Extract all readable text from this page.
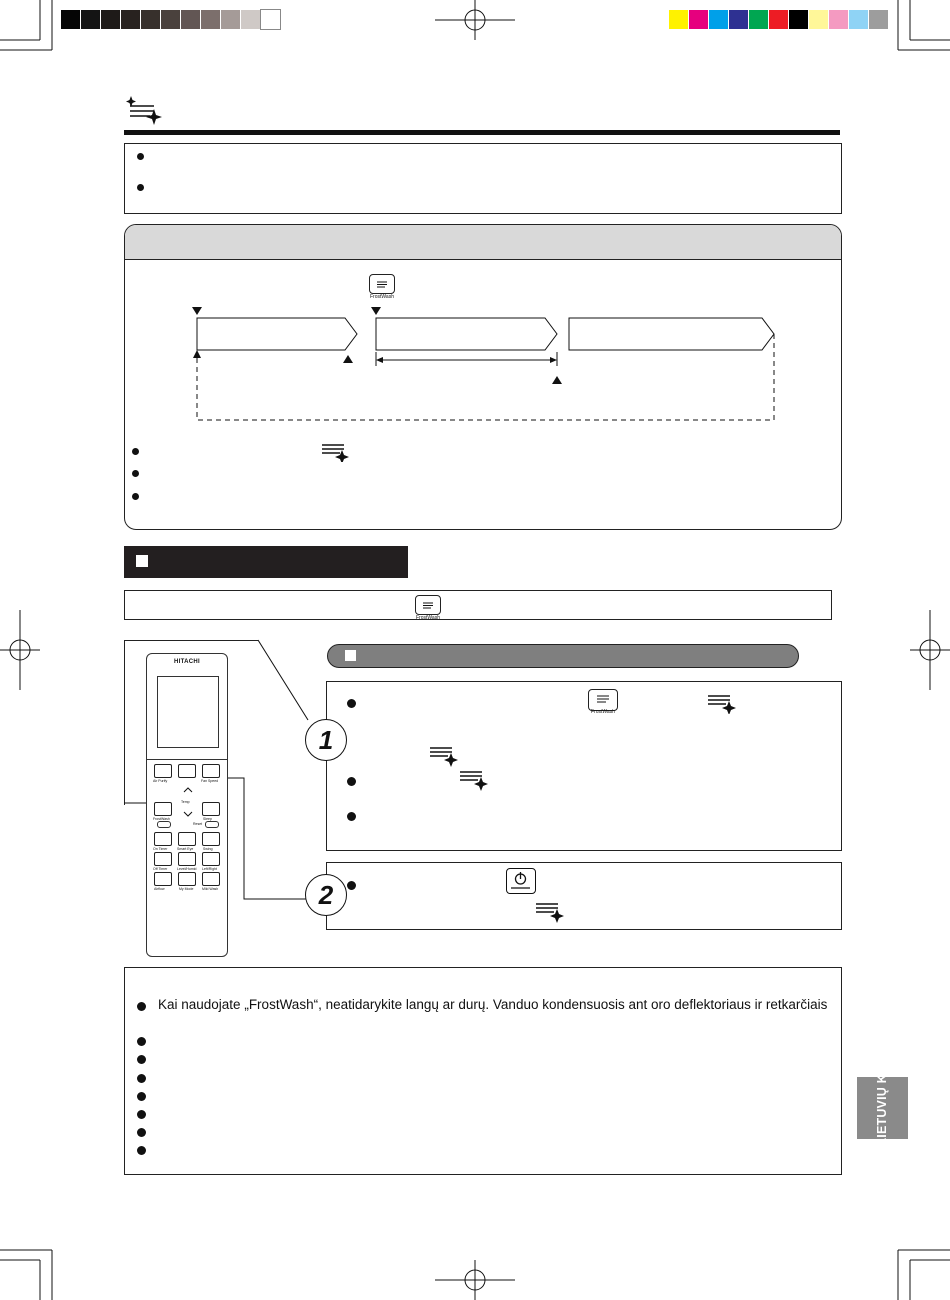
FrostWash
FrostWash
FrostWash
1
2
HITACHI
Air Purify	Fan Speed
Temp
FrostWash	Sleep
Reset
On Timer	Smart Eye	Swing
Off Timer	Level/Humid Left/Right
Airflow	My Mode Mild Wash
Kai naudojate „FrostWash“, neatidarykite langų ar durų. Vanduo kondensuosis ant oro deflektoriaus ir retkarčiais
LIETUVIŲ K.
